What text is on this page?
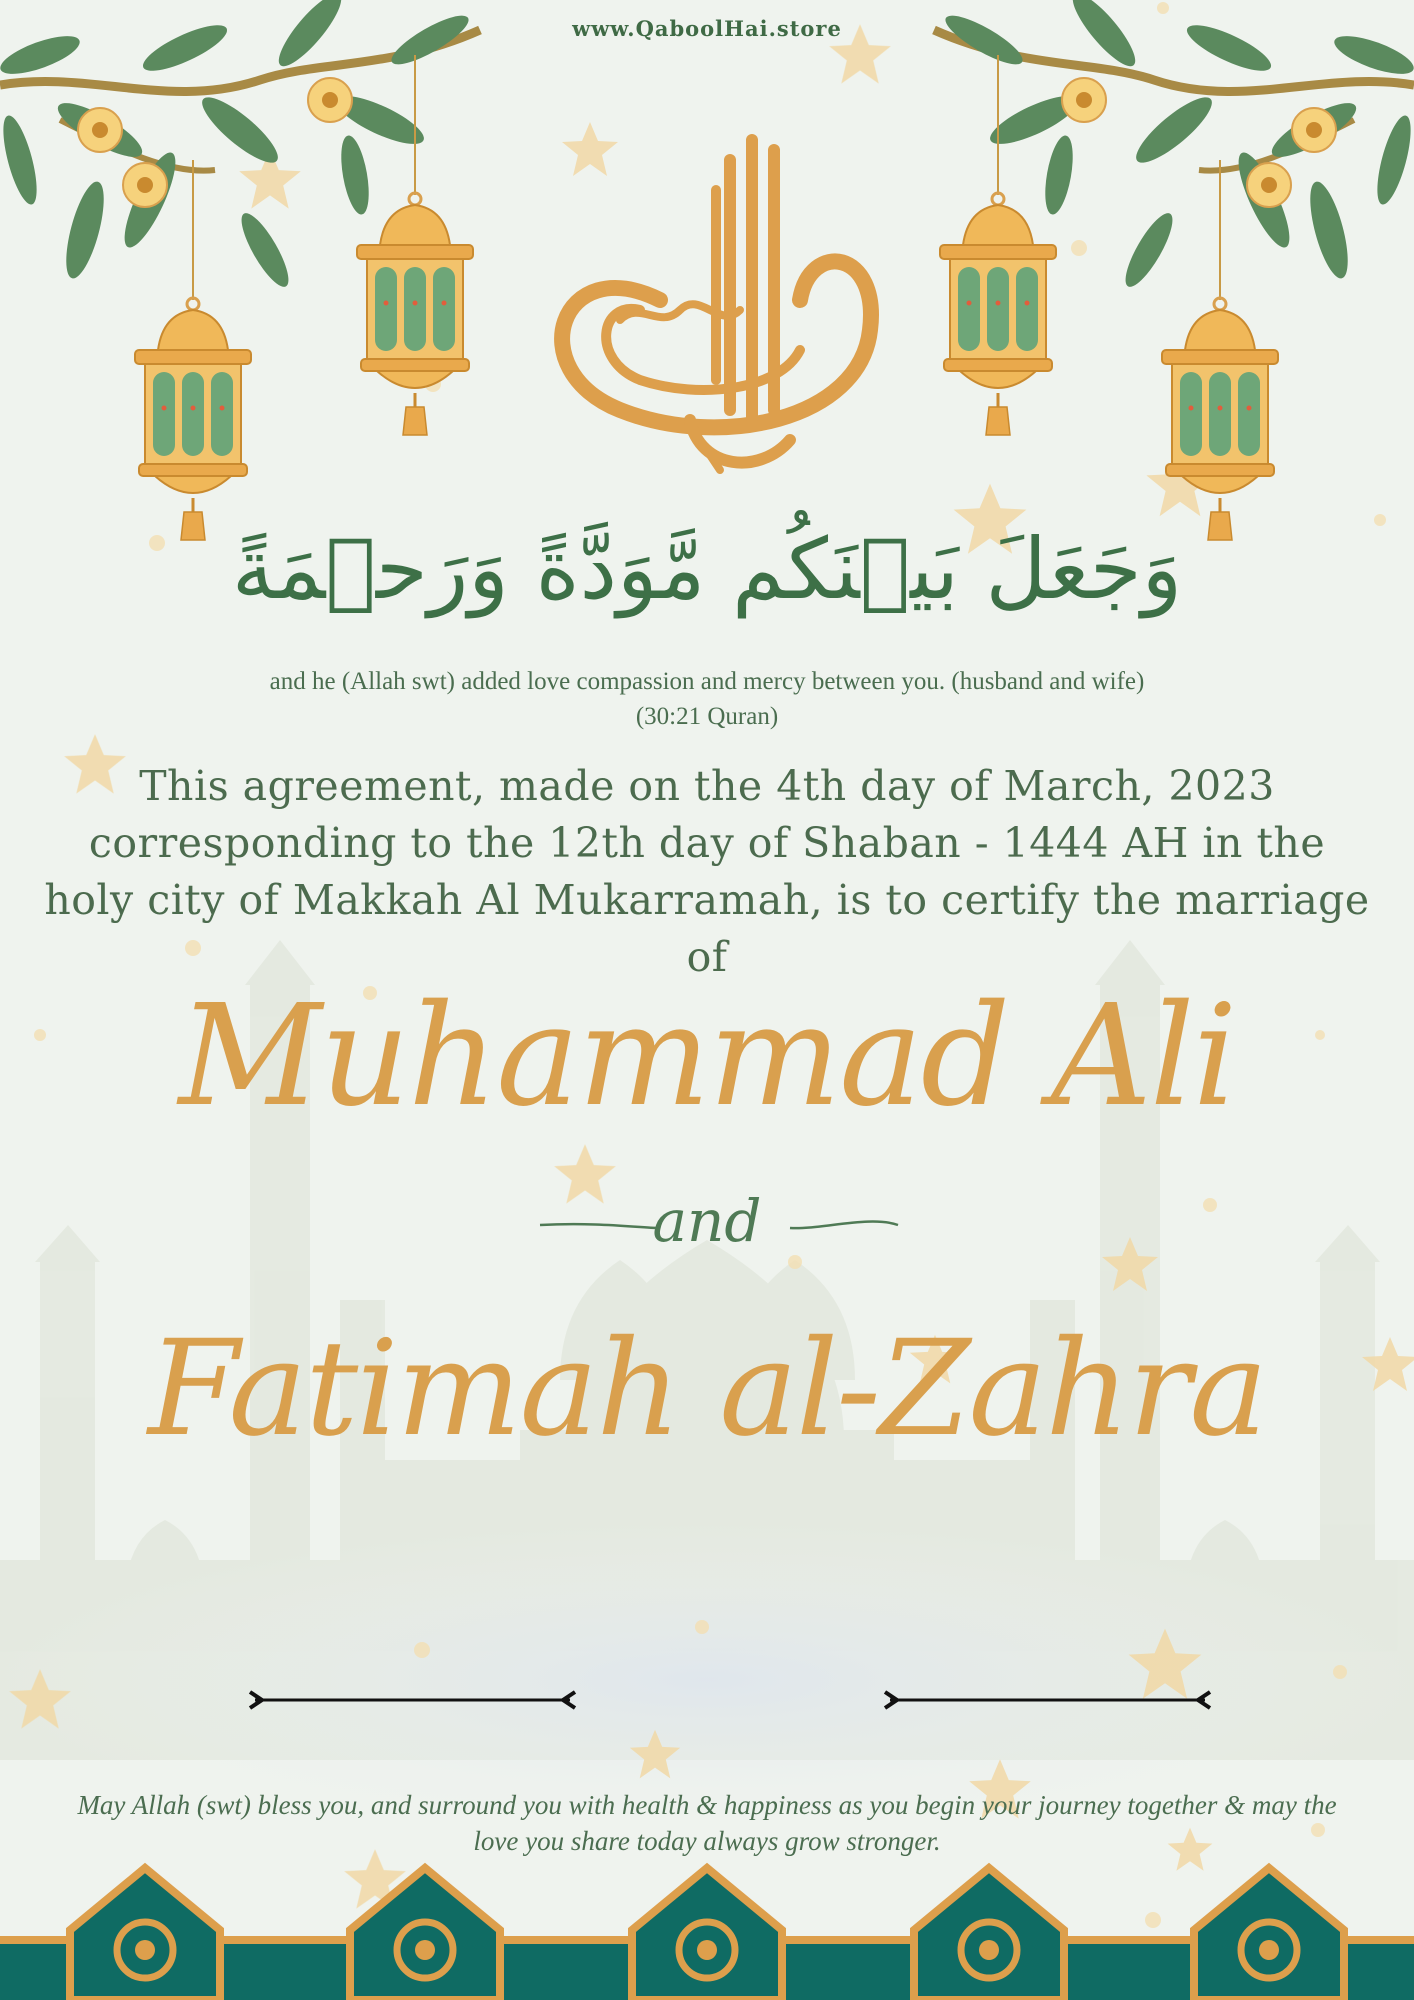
www.QaboolHai.store
وَجَعَلَ بَيۡنَكُم مَّوَدَّةً وَرَحۡمَةً
and he (Allah swt) added love compassion and mercy between you. (husband and wife)
(30:21 Quran)
This agreement, made on the 4th day of March, 2023 corresponding to the 12th day of Shaban - 1444 AH in the holy city of Makkah Al Mukarramah, is to certify the marriage of
Muhammad Ali
and
Fatimah al-Zahra
May Allah (swt) bless you, and surround you with health & happiness as you begin your journey together & may the love you share today always grow stronger.
